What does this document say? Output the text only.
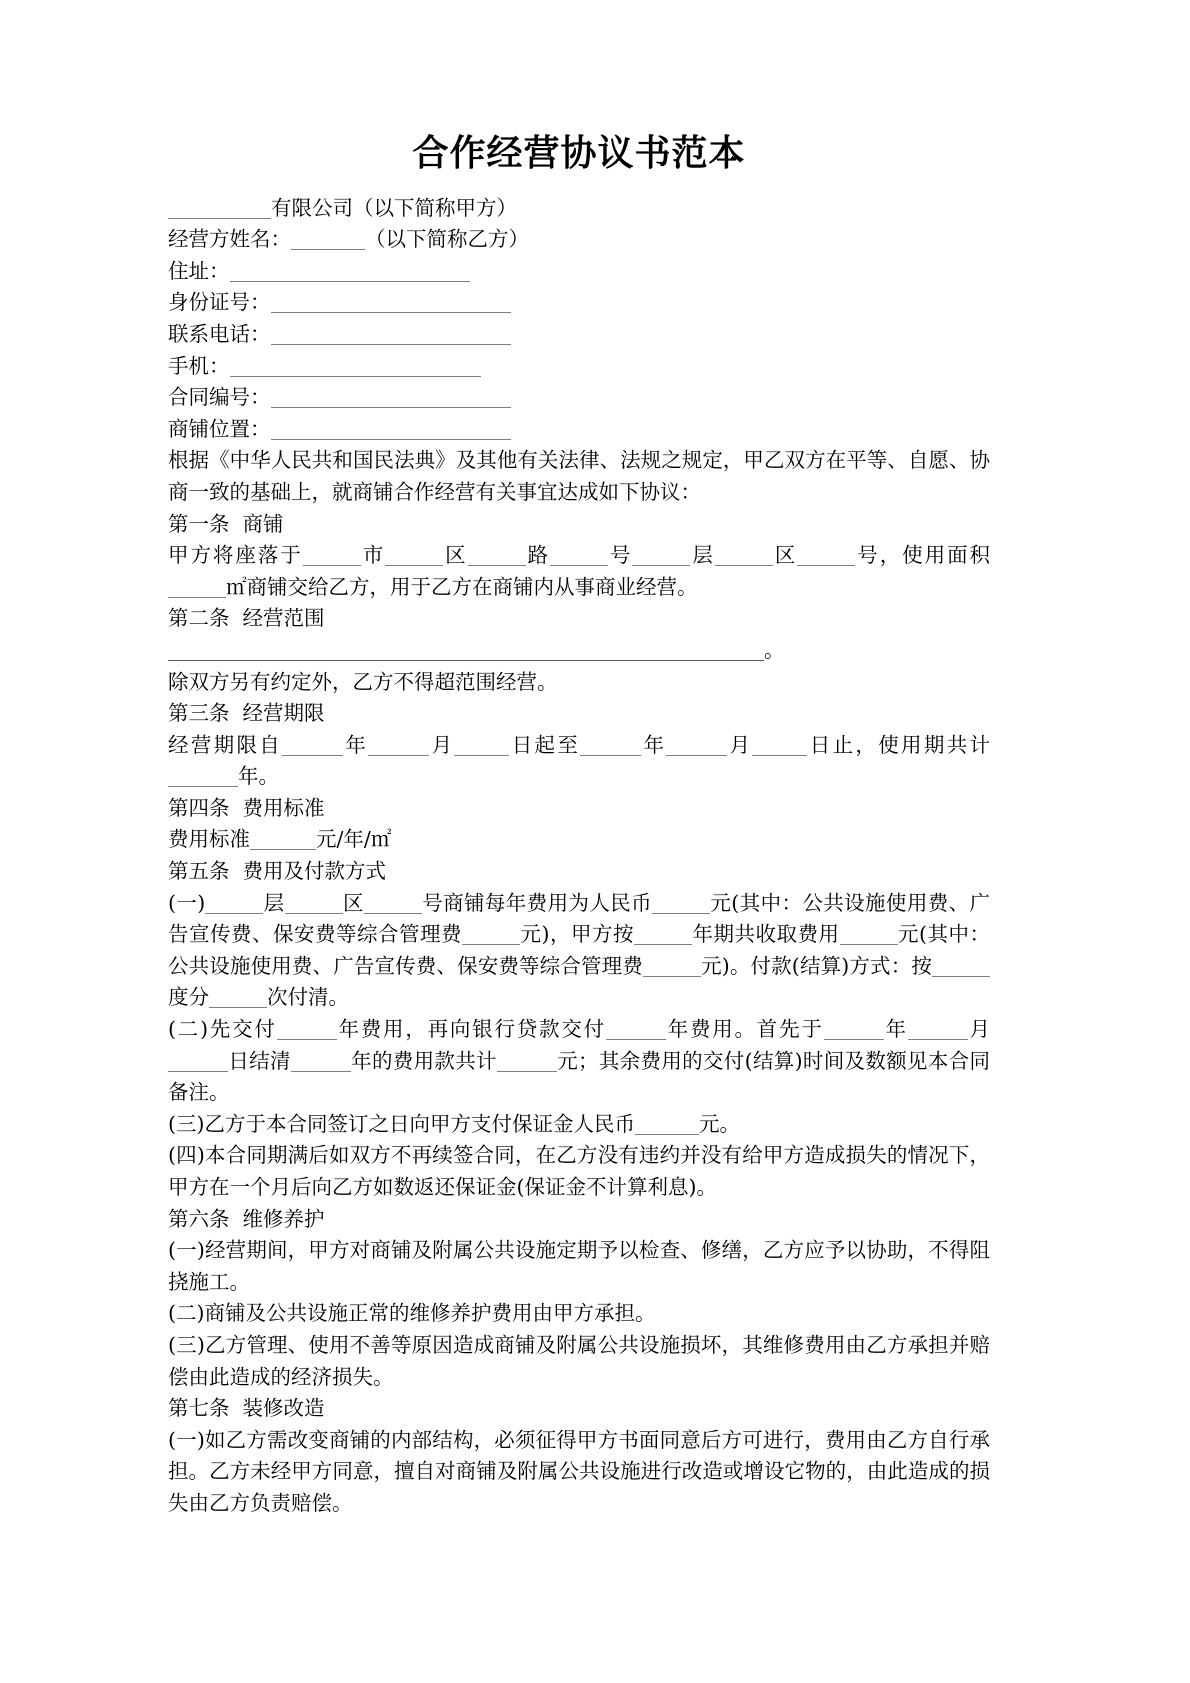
合作经营协议书范本

有限公司（以下简称甲方）

经营方姓名：	（以下简称乙方）

住址：

身份证号：

联系电话：

手机：

合同编号：

商铺位置：

根据《中华人民共和国民法典》及其他有关法律、法规之规定，甲乙双方在平等、自愿、协商一致的基础上，就商铺合作经营有关事宜达成如下协议：

第一条  商铺

甲方将座落于	市	区	路	号	层	区	号，使用面积㎡商铺交给乙方，用于乙方在商铺内从事商业经营。

第二条  经营范围

。

除双方另有约定外，乙方不得超范围经营。

第三条  经营期限

经营期限自	年	月	日起至	年	月	日止，使用期共计年。

第四条  费用标准

费用标准	元/年/㎡

第五条  费用及付款方式

(一)	层	区	号商铺每年费用为人民币	元(其中：公共设施使用费、广告宣传费、保安费等综合管理费	元)，甲方按	年期共收取费用	元(其中：公共设施使用费、广告宣传费、保安费等综合管理费	元)。付款(结算)方式：按度分	次付清。

(二)先交付	年费用，再向银行贷款交付	年费用。首先于	年	月日结清	年的费用款共计	元；其余费用的交付(结算)时间及数额见本合同备注。

(三)乙方于本合同签订之日向甲方支付保证金人民币	元。

(四)本合同期满后如双方不再续签合同，在乙方没有违约并没有给甲方造成损失的情况下，甲方在一个月后向乙方如数返还保证金(保证金不计算利息)。

第六条  维修养护

(一)经营期间，甲方对商铺及附属公共设施定期予以检查、修缮，乙方应予以协助，不得阻挠施工。

(二)商铺及公共设施正常的维修养护费用由甲方承担。

(三)乙方管理、使用不善等原因造成商铺及附属公共设施损坏，其维修费用由乙方承担并赔偿由此造成的经济损失。

第七条  装修改造

(一)如乙方需改变商铺的内部结构，必须征得甲方书面同意后方可进行，费用由乙方自行承担。乙方未经甲方同意，擅自对商铺及附属公共设施进行改造或增设它物的，由此造成的损失由乙方负责赔偿。
